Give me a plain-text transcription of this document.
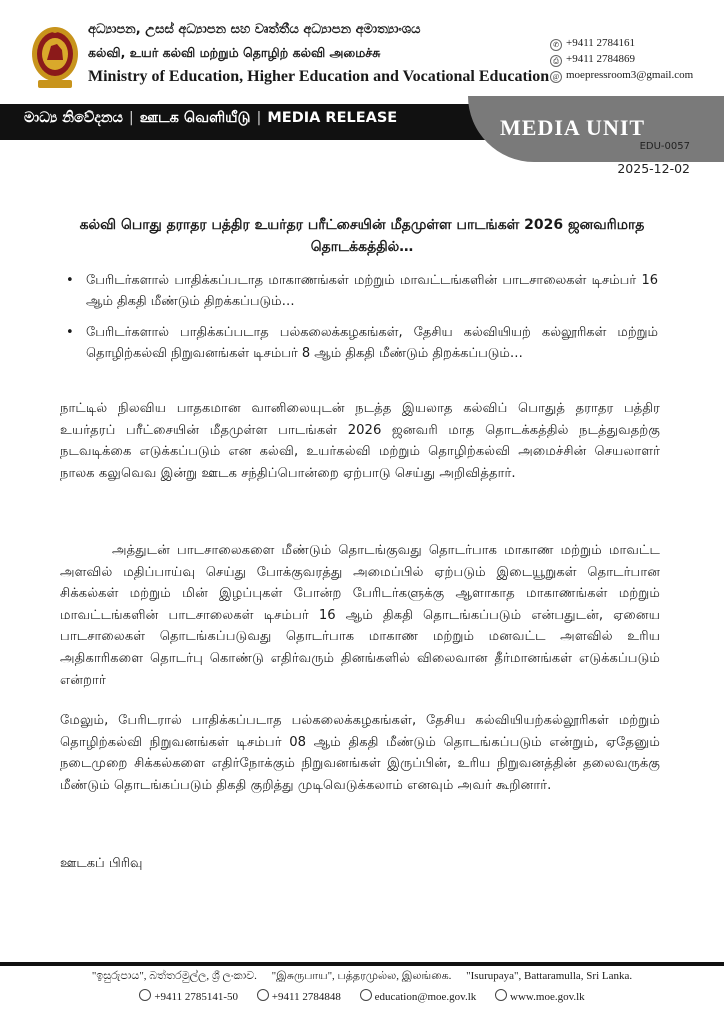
අධ්‍යාපන, උසස් අධ්‍යාපන සහ වෘත්තීය අධ්‍යාපන අමාත්‍යාංශය
கல்வி, உயர் கல்வி மற்றும் தொழிற் கல்வி அமைச்சு
Ministry of Education, Higher Education and Vocational Education
✆ +9411 2784161
⎙ +9411 2784869
@ moepressroom3@gmail.com
මාධ්‍ය නිවේදනය | ஊடக வெளியீடு | MEDIA RELEASE	MEDIA UNIT
EDU-0057
2025-12-02
கல்வி பொது தராதர பத்திர உயர்தர பரீட்சையின் மீதமுள்ள பாடங்கள் 2026 ஜனவரிமாத தொடக்கத்தில்…
• பேரிடர்களால் பாதிக்கப்படாத மாகாணங்கள் மற்றும் மாவட்டங்களின் பாடசாலைகள் டிசம்பர் 16 ஆம் திகதி மீண்டும் திறக்கப்படும்…
• பேரிடர்களால் பாதிக்கப்படாத பல்கலைக்கழகங்கள், தேசிய கல்வியியற் கல்லூரிகள் மற்றும் தொழிற்கல்வி நிறுவனங்கள் டிசம்பர் 8 ஆம் திகதி மீண்டும் திறக்கப்படும்…

நாட்டில் நிலவிய பாதகமான வானிலையுடன் நடத்த இயலாத கல்விப் பொதுத் தராதர பத்திர உயர்தரப் பரீட்சையின் மீதமுள்ள பாடங்கள் 2026 ஜனவரி மாத தொடக்கத்தில் நடத்துவதற்கு நடவடிக்கை எடுக்கப்படும் என கல்வி, உயர்கல்வி மற்றும் தொழிற்கல்வி அமைச்சின் செயலாளர் நாலக கலுவெவ இன்று ஊடக சந்திப்பொன்றை ஏற்பாடு செய்து அறிவித்தார்.

அத்துடன் பாடசாலைகளை மீண்டும் தொடங்குவது தொடர்பாக மாகாண மற்றும் மாவட்ட அளவில் மதிப்பாய்வு செய்து போக்குவரத்து அமைப்பில் ஏற்படும் இடையூறுகள் தொடர்பான சிக்கல்கள் மற்றும் மின் இழப்புகள் போன்ற பேரிடர்களுக்கு ஆளாகாத மாகாணங்கள் மற்றும் மாவட்டங்களின் பாடசாலைகள் டிசம்பர் 16 ஆம் திகதி தொடங்கப்படும் என்பதுடன், ஏனைய பாடசாலைகள் தொடங்கப்படுவது தொடர்பாக மாகாண மற்றும் மனவட்ட அளவில் உரிய அதிகாரிகளை தொடர்பு கொண்டு எதிர்வரும் தினங்களில் விலைவான தீர்மானங்கள் எடுக்கப்படும் என்றார்

மேலும், பேரிடரால் பாதிக்கப்படாத பல்கலைக்கழகங்கள், தேசிய கல்வியியற்கல்லூரிகள் மற்றும் தொழிற்கல்வி நிறுவனங்கள் டிசம்பர் 08 ஆம் திகதி மீண்டும் தொடங்கப்படும் என்றும், ஏதேனும் நடைமுறை சிக்கல்களை எதிர்நோக்கும் நிறுவனங்கள் இருப்பின், உரிய நிறுவனத்தின் தலைவருக்கு மீண்டும் தொடங்கப்படும் திகதி குறித்து முடிவெடுக்கலாம் எனவும் அவர் கூறினார்.

ஊடகப் பிரிவு
"ඉසුරුපාය", බත්තරමුල්ල, ශ්‍රී ලංකාව. "இசுருபாய", பத்தரமுல்ல, இலங்கை. "Isurupaya", Battaramulla, Sri Lanka.
+9411 2785141-50	+9411 2784848	education@moe.gov.lk	www.moe.gov.lk
